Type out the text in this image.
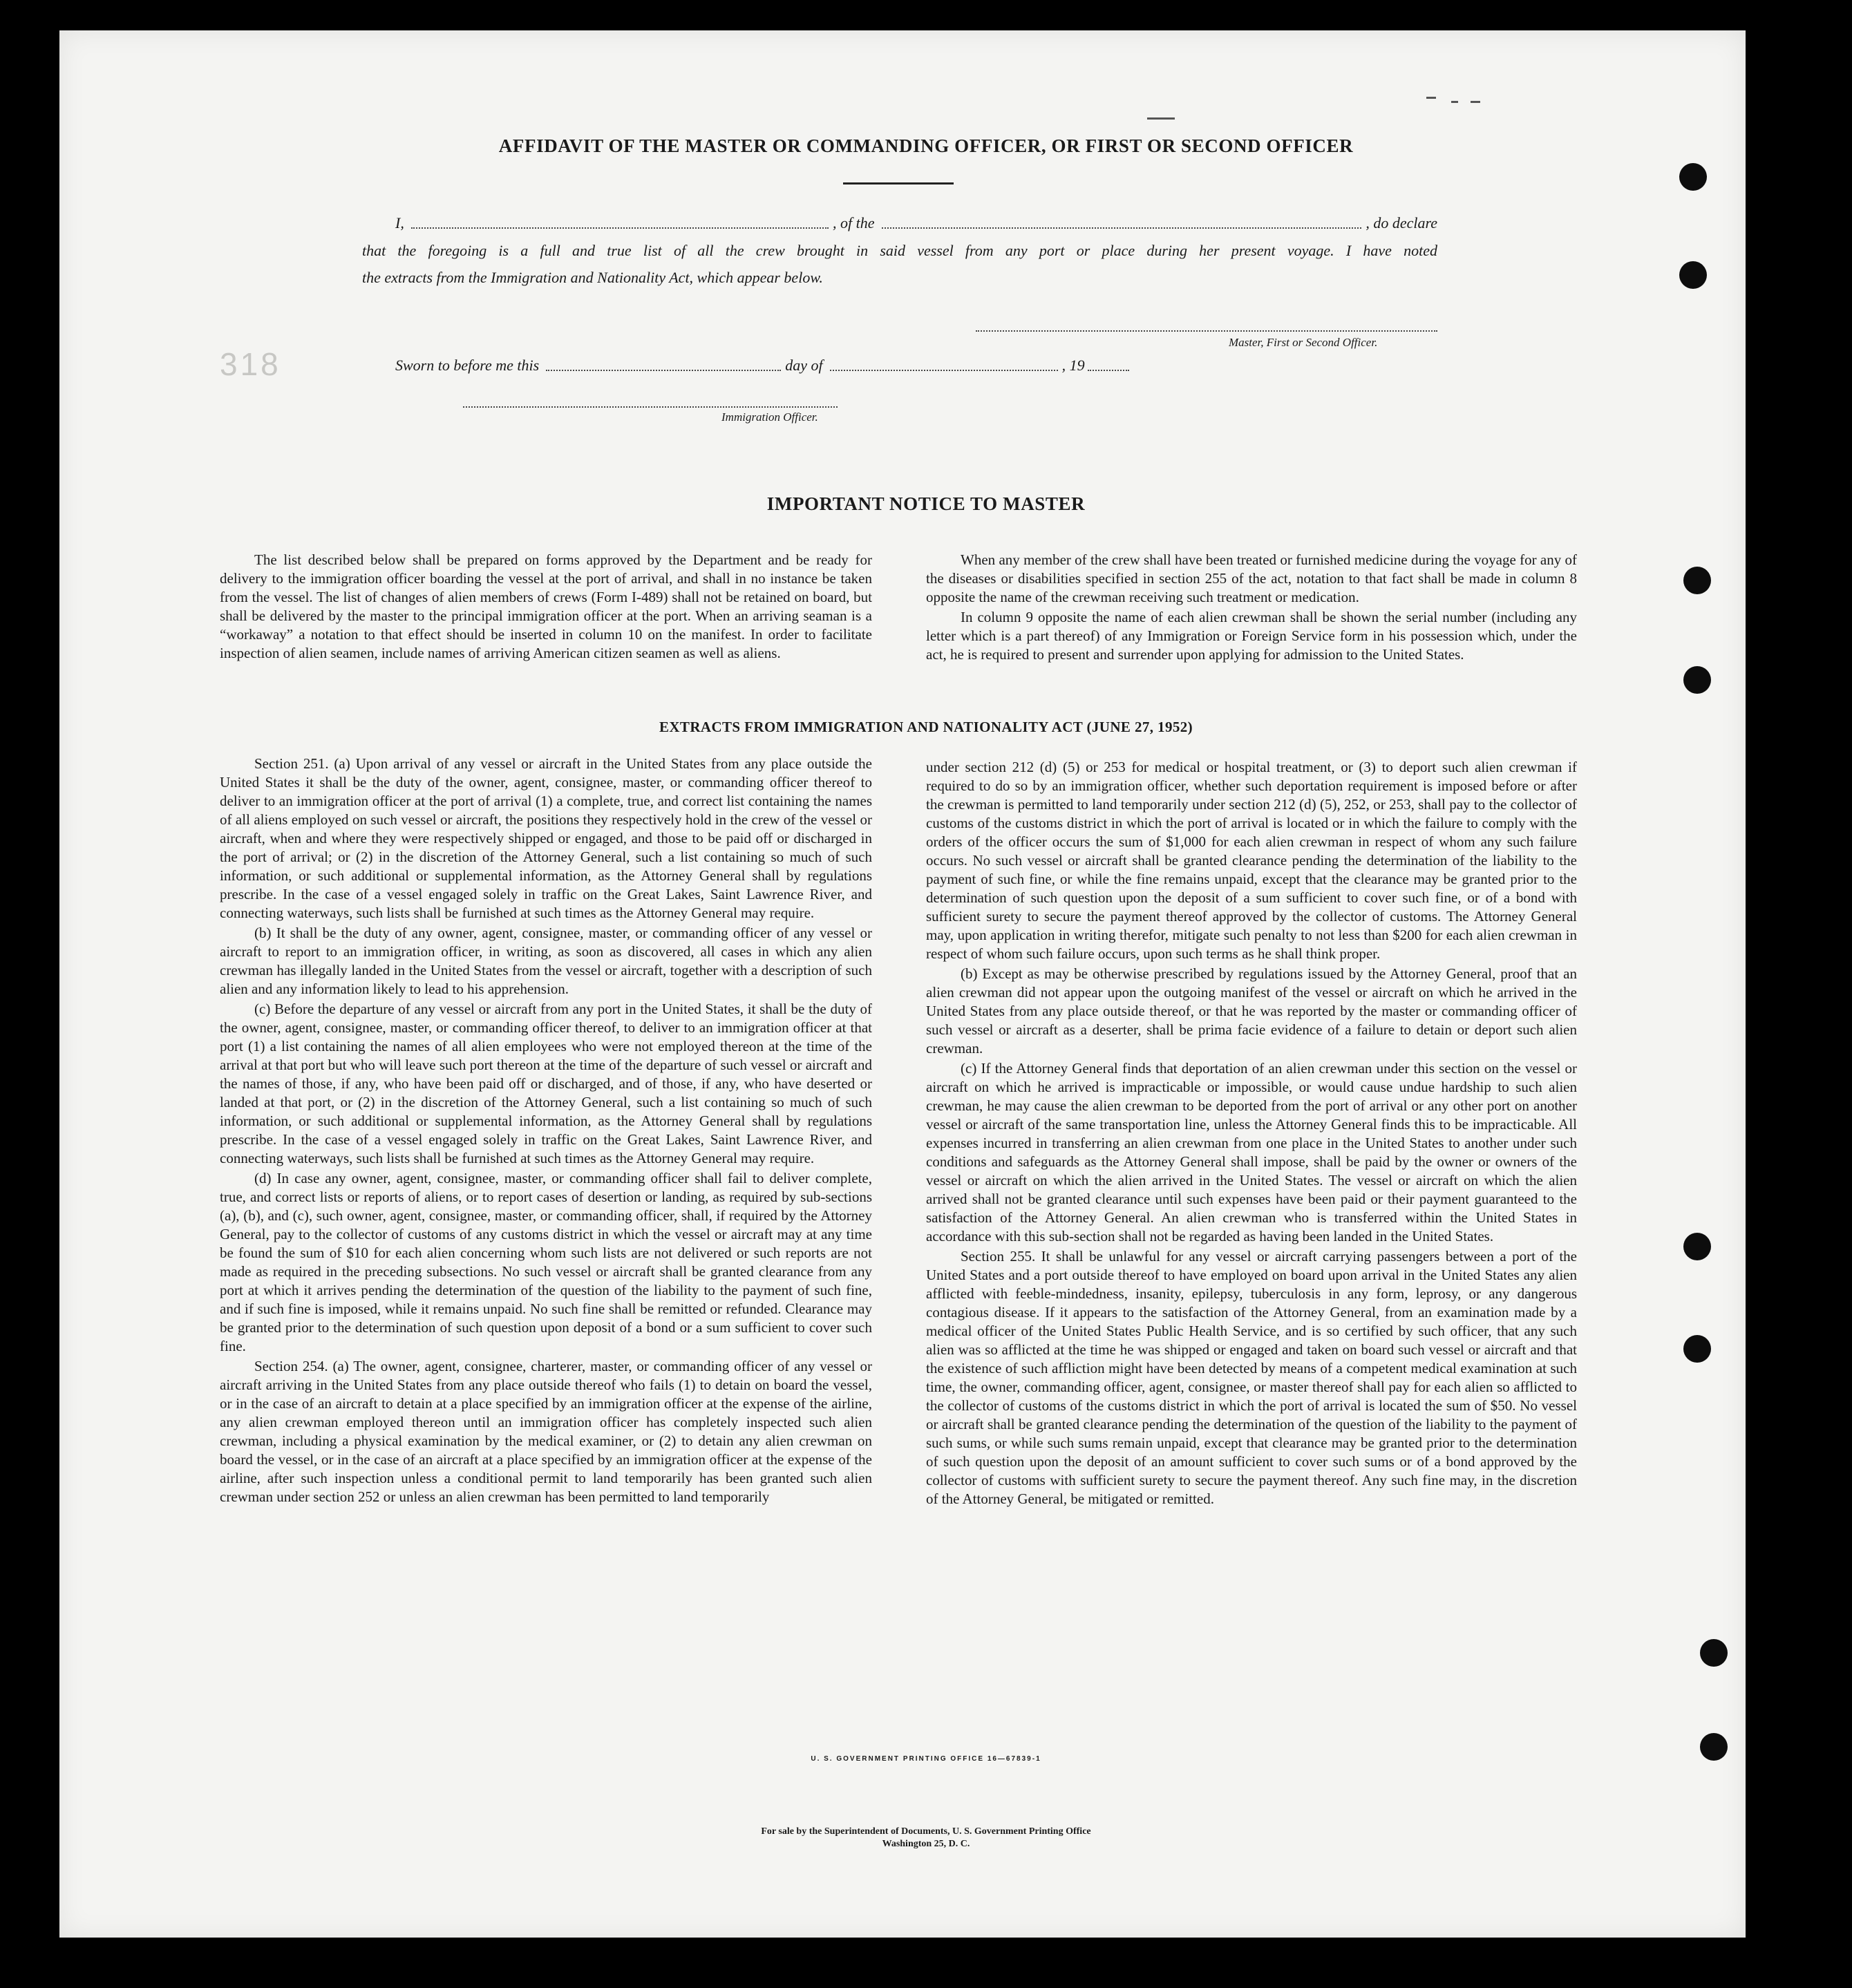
318
AFFIDAVIT OF THE MASTER OR COMMANDING OFFICER, OR FIRST OR SECOND OFFICER
I,	, of the	, do declare
that the foregoing is a full and true list of all the crew brought in said vessel from any port or place during her present voyage. I have noted
the extracts from the Immigration and Nationality Act, which appear below.
Master, First or Second Officer.
Sworn to before me this	day of	, 19
Immigration Officer.
IMPORTANT NOTICE TO MASTER

The list described below shall be prepared on forms approved by the Department and be ready for delivery to the immigration officer boarding the vessel at the port of arrival, and shall in no instance be taken from the vessel. The list of changes of alien members of crews (Form I-489) shall not be retained on board, but shall be delivered by the master to the principal immigration officer at the port. When an arriving seaman is a “workaway” a notation to that effect should be inserted in column 10 on the manifest. In order to facilitate inspection of alien seamen, include names of arriving American citizen seamen as well as aliens.

When any member of the crew shall have been treated or furnished medicine during the voyage for any of the diseases or disabilities specified in section 255 of the act, notation to that fact shall be made in column 8 opposite the name of the crewman receiving such treatment or medication.

In column 9 opposite the name of each alien crewman shall be shown the serial number (including any letter which is a part thereof) of any Immigration or Foreign Service form in his possession which, under the act, he is required to present and surrender upon applying for admission to the United States.

EXTRACTS FROM IMMIGRATION AND NATIONALITY ACT (JUNE 27, 1952)

Section 251. (a) Upon arrival of any vessel or aircraft in the United States from any place outside the United States it shall be the duty of the owner, agent, consignee, master, or commanding officer thereof to deliver to an immigration officer at the port of arrival (1) a complete, true, and correct list containing the names of all aliens employed on such vessel or aircraft, the positions they respectively hold in the crew of the vessel or aircraft, when and where they were respectively shipped or engaged, and those to be paid off or discharged in the port of arrival; or (2) in the discretion of the Attorney General, such a list containing so much of such information, or such additional or supplemental information, as the Attorney General shall by regulations prescribe. In the case of a vessel engaged solely in traffic on the Great Lakes, Saint Lawrence River, and connecting waterways, such lists shall be furnished at such times as the Attorney General may require.

(b) It shall be the duty of any owner, agent, consignee, master, or commanding officer of any vessel or aircraft to report to an immigration officer, in writing, as soon as discovered, all cases in which any alien crewman has illegally landed in the United States from the vessel or aircraft, together with a description of such alien and any information likely to lead to his apprehension.

(c) Before the departure of any vessel or aircraft from any port in the United States, it shall be the duty of the owner, agent, consignee, master, or commanding officer thereof, to deliver to an immigration officer at that port (1) a list containing the names of all alien employees who were not employed thereon at the time of the arrival at that port but who will leave such port thereon at the time of the departure of such vessel or aircraft and the names of those, if any, who have been paid off or discharged, and of those, if any, who have deserted or landed at that port, or (2) in the discretion of the Attorney General, such a list containing so much of such information, or such additional or supplemental information, as the Attorney General shall by regulations prescribe. In the case of a vessel engaged solely in traffic on the Great Lakes, Saint Lawrence River, and connecting waterways, such lists shall be furnished at such times as the Attorney General may require.

(d) In case any owner, agent, consignee, master, or commanding officer shall fail to deliver complete, true, and correct lists or reports of aliens, or to report cases of desertion or landing, as required by sub-sections (a), (b), and (c), such owner, agent, consignee, master, or commanding officer, shall, if required by the Attorney General, pay to the collector of customs of any customs district in which the vessel or aircraft may at any time be found the sum of $10 for each alien concerning whom such lists are not delivered or such reports are not made as required in the preceding subsections. No such vessel or aircraft shall be granted clearance from any port at which it arrives pending the determination of the question of the liability to the payment of such fine, and if such fine is imposed, while it remains unpaid. No such fine shall be remitted or refunded. Clearance may be granted prior to the determination of such question upon deposit of a bond or a sum sufficient to cover such fine.

Section 254. (a) The owner, agent, consignee, charterer, master, or commanding officer of any vessel or aircraft arriving in the United States from any place outside thereof who fails (1) to detain on board the vessel, or in the case of an aircraft to detain at a place specified by an immigration officer at the expense of the airline, any alien crewman employed thereon until an immigration officer has completely inspected such alien crewman, including a physical examination by the medical examiner, or (2) to detain any alien crewman on board the vessel, or in the case of an aircraft at a place specified by an immigration officer at the expense of the airline, after such inspection unless a conditional permit to land temporarily has been granted such alien crewman under section 252 or unless an alien crewman has been permitted to land temporarily

under section 212 (d) (5) or 253 for medical or hospital treatment, or (3) to deport such alien crewman if required to do so by an immigration officer, whether such deportation requirement is imposed before or after the crewman is permitted to land temporarily under section 212 (d) (5), 252, or 253, shall pay to the collector of customs of the customs district in which the port of arrival is located or in which the failure to comply with the orders of the officer occurs the sum of $1,000 for each alien crewman in respect of whom any such failure occurs. No such vessel or aircraft shall be granted clearance pending the determination of the liability to the payment of such fine, or while the fine remains unpaid, except that the clearance may be granted prior to the determination of such question upon the deposit of a sum sufficient to cover such fine, or of a bond with sufficient surety to secure the payment thereof approved by the collector of customs. The Attorney General may, upon application in writing therefor, mitigate such penalty to not less than $200 for each alien crewman in respect of whom such failure occurs, upon such terms as he shall think proper.

(b) Except as may be otherwise prescribed by regulations issued by the Attorney General, proof that an alien crewman did not appear upon the outgoing manifest of the vessel or aircraft on which he arrived in the United States from any place outside thereof, or that he was reported by the master or commanding officer of such vessel or aircraft as a deserter, shall be prima facie evidence of a failure to detain or deport such alien crewman.

(c) If the Attorney General finds that deportation of an alien crewman under this section on the vessel or aircraft on which he arrived is impracticable or impossible, or would cause undue hardship to such alien crewman, he may cause the alien crewman to be deported from the port of arrival or any other port on another vessel or aircraft of the same transportation line, unless the Attorney General finds this to be impracticable. All expenses incurred in transferring an alien crewman from one place in the United States to another under such conditions and safeguards as the Attorney General shall impose, shall be paid by the owner or owners of the vessel or aircraft on which the alien arrived in the United States. The vessel or aircraft on which the alien arrived shall not be granted clearance until such expenses have been paid or their payment guaranteed to the satisfaction of the Attorney General. An alien crewman who is transferred within the United States in accordance with this sub-section shall not be regarded as having been landed in the United States.

Section 255. It shall be unlawful for any vessel or aircraft carrying passengers between a port of the United States and a port outside thereof to have employed on board upon arrival in the United States any alien afflicted with feeble-mindedness, insanity, epilepsy, tuberculosis in any form, leprosy, or any dangerous contagious disease. If it appears to the satisfaction of the Attorney General, from an examination made by a medical officer of the United States Public Health Service, and is so certified by such officer, that any such alien was so afflicted at the time he was shipped or engaged and taken on board such vessel or aircraft and that the existence of such affliction might have been detected by means of a competent medical examination at such time, the owner, commanding officer, agent, consignee, or master thereof shall pay for each alien so afflicted to the collector of customs of the customs district in which the port of arrival is located the sum of $50. No vessel or aircraft shall be granted clearance pending the determination of the question of the liability to the payment of such sums, or while such sums remain unpaid, except that clearance may be granted prior to the determination of such question upon the deposit of an amount sufficient to cover such sums or of a bond approved by the collector of customs with sufficient surety to secure the payment thereof. Any such fine may, in the discretion of the Attorney General, be mitigated or remitted.

U. S. GOVERNMENT PRINTING OFFICE 16—67839-1
For sale by the Superintendent of Documents, U. S. Government Printing Office
Washington 25, D. C.
